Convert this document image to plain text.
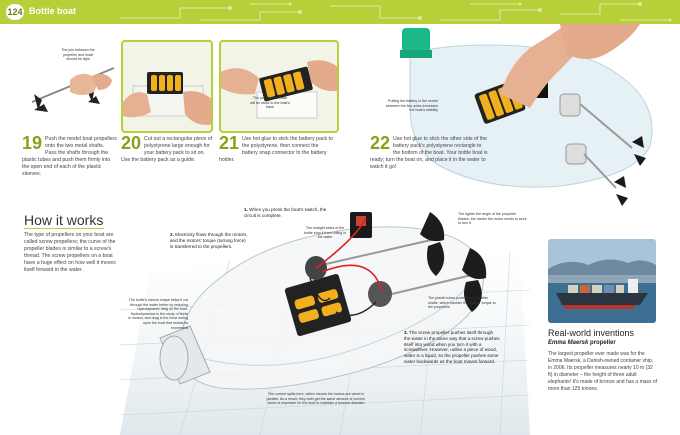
124 Bottle boat
The join between the propeller and shaft should be tight
The polystyrene base will be stuck to the boat's base
Putting the battery in the centre between the two axles increases the boat's stability
19 Push the model boat propellers onto the two metal shafts. Pass the shafts through the plastic tubes and push them firmly into the open end of each of the plastic sleeves.
20 Cut out a rectangular piece of polystyrene large enough for your battery pack to sit on. Use the battery pack as a guide.
21 Use hot glue to stick the battery pack to the polystyrene, then connect the battery snap connector to the battery holder.
22 Use hot glue to stick the other side of the battery pack's polystyrene rectangle to the bottom of the boat. Your bottle boat is ready; turn the boat on, and place it in the water to watch it go!
How it works
The type of propellers on your boat are called screw propellers; the curve of the propeller blades is similar to a screw's thread. The screw propellers on a boat have a huge effect on how well it moves itself forward in the water.
1. When you press the boat's switch, the circuit is complete.
2. Electricity flows through the motors, and the motors' torque (turning force) is transferred to the propellers.
3. The screw propeller pushes itself through the water in the same way that a screw pushes itself into wood when you turn it with a screwdriver. However, unlike a piece of wood, water is a liquid, so the propeller pushes some water backwards as the boat moves forward.
The straight sides of the bottle stop it from rolling in the water
The tighter the angle of the propeller blades, the harder the motor needs to work to turn it
The plastic tubes protect the propeller shafts, which transfer the motors' torque to the propellers
The bottle's narrow shape helps it cut through the water better by reducing hydrodynamic drag on the boat. Hydrodynamics is the study of fluids in motion, and drag is the force acting upon the boat that resists its movement
The current splits here, which means the motors are wired in parallel. As a result, they both get the same amount of current, which is important for the boat to maintain a forward direction
Real-world inventions
Emma Maersk propeller
The largest propeller ever made was for the Emma Maersk, a Danish-owned container ship, in 2006. Its propeller measures nearly 10 m (32 ft) in diameter – the height of three adult elephants! It's made of bronze and has a mass of more than 125 tonnes.
